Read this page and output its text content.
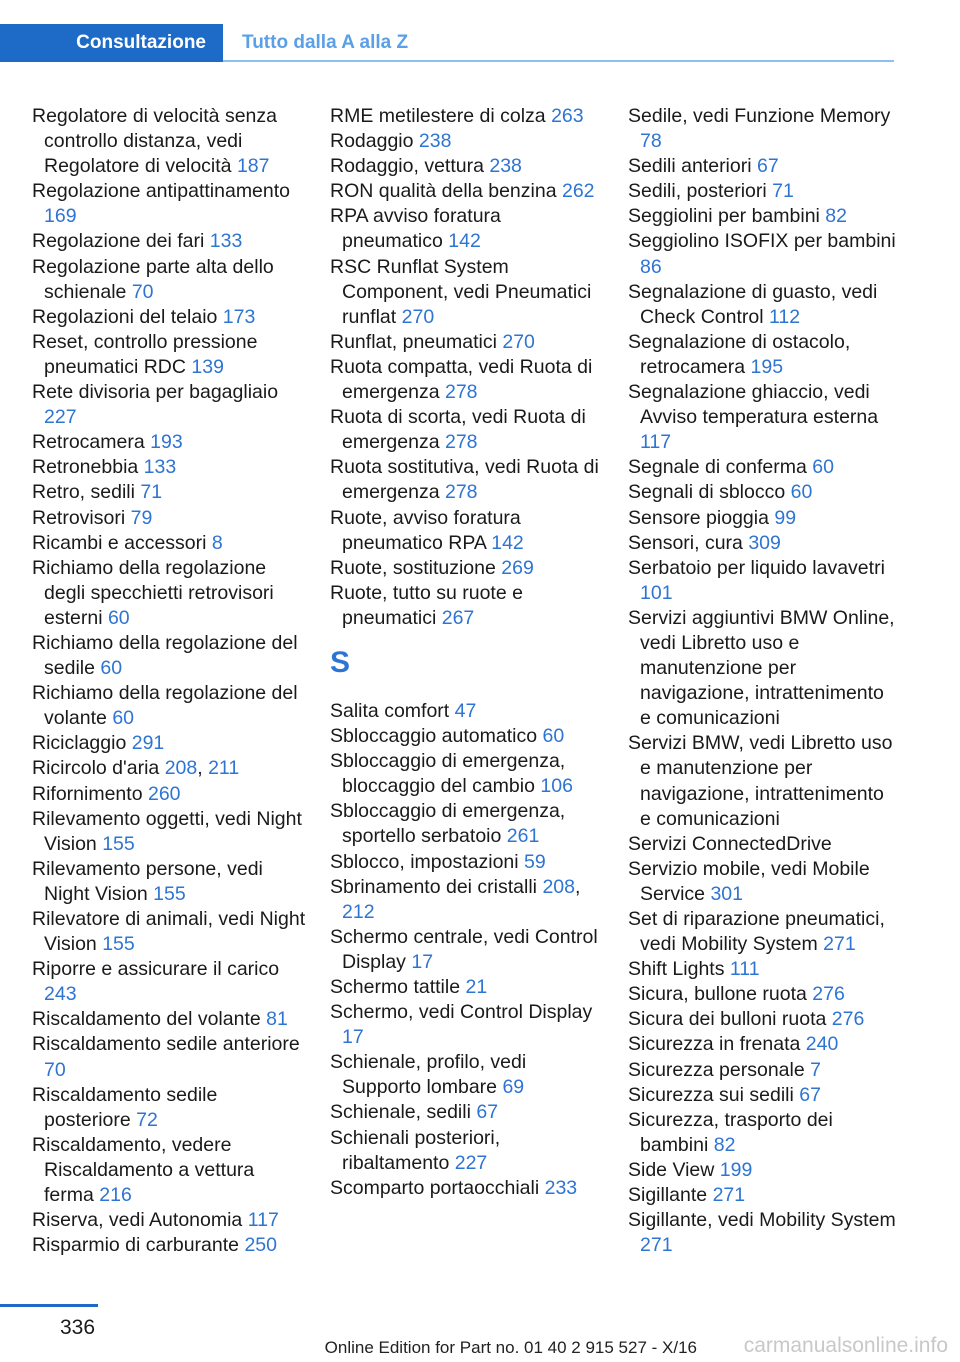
Consultazione	Tutto dalla A alla Z
Regolatore di velocità senza controllo distanza, vedi Regolatore di velocità 187
Regolazione antipattinamento 169
Regolazione dei fari 133
Regolazione parte alta dello schienale 70
Regolazioni del telaio 173
Reset, controllo pressione pneumatici RDC 139
Rete divisoria per bagagliaio 227
Retrocamera 193
Retronebbia 133
Retro, sedili 71
Retrovisori 79
Ricambi e accessori 8
Richiamo della regolazione degli specchietti retrovisori esterni 60
Richiamo della regolazione del sedile 60
Richiamo della regolazione del volante 60
Riciclaggio 291
Ricircolo d'aria 208, 211
Rifornimento 260
Rilevamento oggetti, vedi Night Vision 155
Rilevamento persone, vedi Night Vision 155
Rilevatore di animali, vedi Night Vision 155
Riporre e assicurare il carico 243
Riscaldamento del volante 81
Riscaldamento sedile anteriore 70
Riscaldamento sedile posteriore 72
Riscaldamento, vedere Riscaldamento a vettura ferma 216
Riserva, vedi Autonomia 117
Risparmio di carburante 250
RME metilestere di colza 263
Rodaggio 238
Rodaggio, vettura 238
RON qualità della benzina 262
RPA avviso foratura pneumatico 142
RSC Runflat System Component, vedi Pneumatici runflat 270
Runflat, pneumatici 270
Ruota compatta, vedi Ruota di emergenza 278
Ruota di scorta, vedi Ruota di emergenza 278
Ruota sostitutiva, vedi Ruota di emergenza 278
Ruote, avviso foratura pneumatico RPA 142
Ruote, sostituzione 269
Ruote, tutto su ruote e pneumatici 267
S
Salita comfort 47
Sbloccaggio automatico 60
Sbloccaggio di emergenza, bloccaggio del cambio 106
Sbloccaggio di emergenza, sportello serbatoio 261
Sblocco, impostazioni 59
Sbrinamento dei cristalli 208, 212
Schermo centrale, vedi Control Display 17
Schermo tattile 21
Schermo, vedi Control Display 17
Schienale, profilo, vedi Supporto lombare 69
Schienale, sedili 67
Schienali posteriori, ribaltamento 227
Scomparto portaocchiali 233
Sedile, vedi Funzione Memory 78
Sedili anteriori 67
Sedili, posteriori 71
Seggiolini per bambini 82
Seggiolino ISOFIX per bambini 86
Segnalazione di guasto, vedi Check Control 112
Segnalazione di ostacolo, retrocamera 195
Segnalazione ghiaccio, vedi Avviso temperatura esterna 117
Segnale di conferma 60
Segnali di sblocco 60
Sensore pioggia 99
Sensori, cura 309
Serbatoio per liquido lavavetri 101
Servizi aggiuntivi BMW Online, vedi Libretto uso e manutenzione per navigazione, intrattenimento e comunicazioni
Servizi BMW, vedi Libretto uso e manutenzione per navigazione, intrattenimento e comunicazioni
Servizi ConnectedDrive
Servizio mobile, vedi Mobile Service 301
Set di riparazione pneumatici, vedi Mobility System 271
Shift Lights 111
Sicura, bullone ruota 276
Sicura dei bulloni ruota 276
Sicurezza in frenata 240
Sicurezza personale 7
Sicurezza sui sedili 67
Sicurezza, trasporto dei bambini 82
Side View 199
Sigillante 271
Sigillante, vedi Mobility System 271
336
Online Edition for Part no. 01 40 2 915 527 - X/16 carmanualsonline.info
